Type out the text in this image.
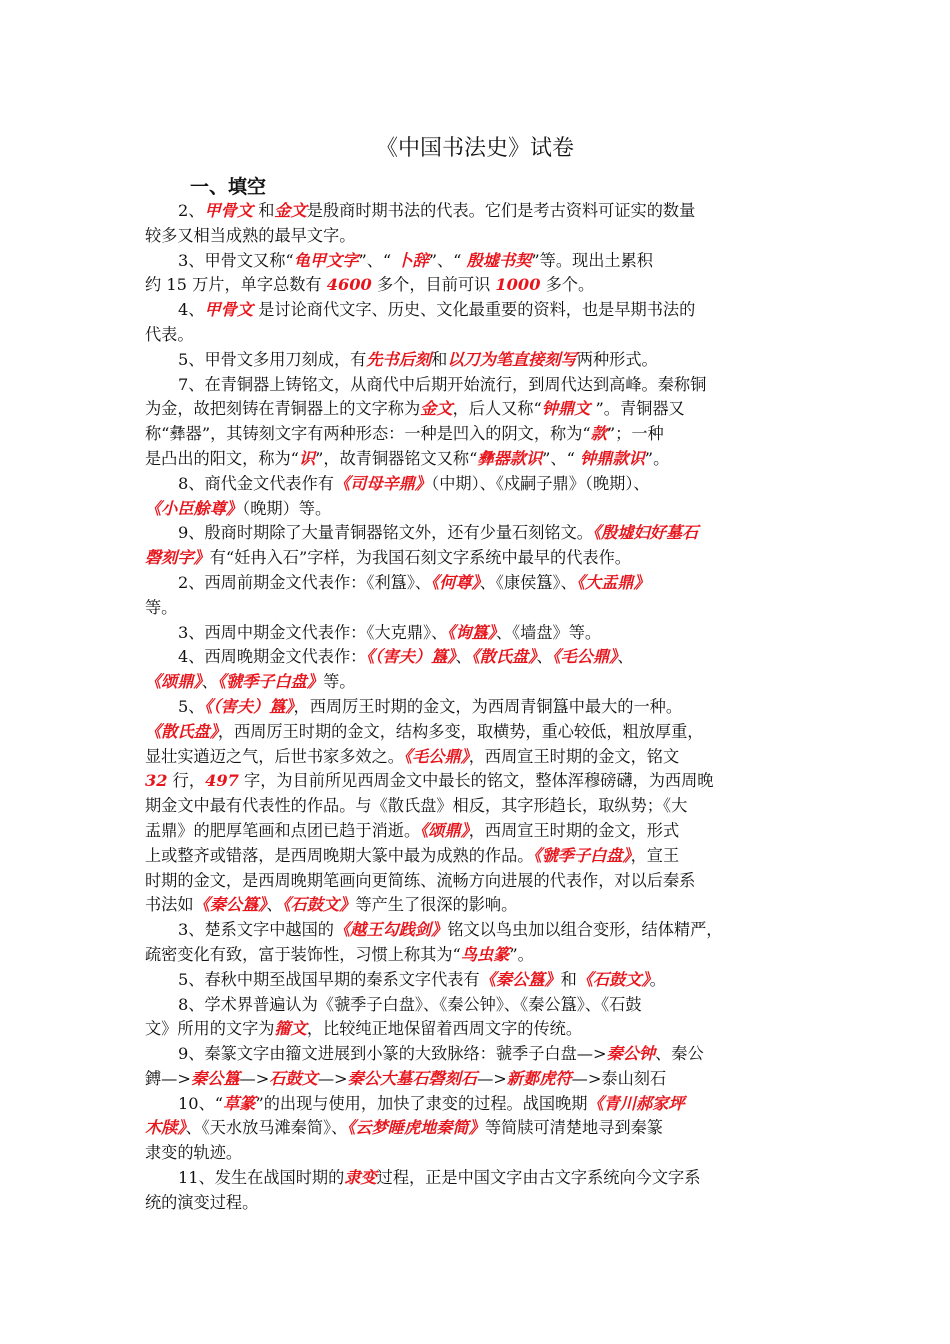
《中国书法史》试卷
一、填空
2、甲骨文 和金文是殷商时期书法的代表。它们是考古资料可证实的数量
较多又相当成熟的最早文字。
3、甲骨文又称“龟甲文字”、“ 卜辞”、“ 殷墟书契”等。现出土累积
约 15 万片，单字总数有 4600 多个，目前可识 1000 多个。
4、甲骨文 是讨论商代文字、历史、文化最重要的资料，也是早期书法的
代表。
5、甲骨文多用刀刻成，有先书后刻和以刀为笔直接刻写两种形式。
7、在青铜器上铸铭文，从商代中后期开始流行，到周代达到高峰。秦称铜
为金，故把刻铸在青铜器上的文字称为金文，后人又称“钟鼎文 ”。青铜器又
称“彝器”，其铸刻文字有两种形态：一种是凹入的阴文，称为“款”；一种
是凸出的阳文，称为“识”，故青铜器铭文又称“彝器款识”、“ 钟鼎款识”。
8、商代金文代表作有《司母辛鼎》（中期）、《戍嗣子鼎》（晚期）、
《小臣艅尊》（晚期）等。
9、殷商时期除了大量青铜器铭文外，还有少量石刻铭文。《殷墟妇好墓石
磬刻字》有“妊冉入石”字样，为我国石刻文字系统中最早的代表作。
2、西周前期金文代表作：《利簋》、《何尊》、《康侯簋》、《大盂鼎》
等。
3、西周中期金文代表作：《大克鼎》、《询簋》、《墙盘》等。
4、西周晚期金文代表作：《（害夫）簋》、《散氏盘》、《毛公鼎》、
《颂鼎》、《虢季子白盘》等。
5、《（害夫）簋》，西周厉王时期的金文，为西周青铜簋中最大的一种。
《散氏盘》，西周厉王时期的金文，结构多变，取横势，重心较低，粗放厚重，
显壮实遒迈之气，后世书家多效之。《毛公鼎》，西周宣王时期的金文，铭文
32 行，497 字，为目前所见西周金文中最长的铭文，整体浑穆磅礴，为西周晚
期金文中最有代表性的作品。与《散氏盘》相反，其字形趋长，取纵势；《大
盂鼎》的肥厚笔画和点团已趋于消逝。《颂鼎》，西周宣王时期的金文，形式
上或整齐或错落，是西周晚期大篆中最为成熟的作品。《虢季子白盘》，宣王
时期的金文，是西周晚期笔画向更简练、流畅方向进展的代表作，对以后秦系
书法如《秦公簋》、《石鼓文》等产生了很深的影响。
3、楚系文字中越国的《越王勾践剑》铭文以鸟虫加以组合变形，结体精严，
疏密变化有致，富于装饰性，习惯上称其为“鸟虫篆”。
5、春秋中期至战国早期的秦系文字代表有《秦公簋》和《石鼓文》。
8、学术界普遍认为《虢季子白盘》、《秦公钟》、《秦公簋》、《石鼓
文》所用的文字为籀文，比较纯正地保留着西周文字的传统。
9、秦篆文字由籀文进展到小篆的大致脉络：虢季子白盘—>秦公钟、秦公
鎛—>秦公簋—>石鼓文—>秦公大墓石磬刻石—>新郪虎符—>泰山刻石
10、“草篆”的出现与使用，加快了隶变的过程。战国晚期《青川郝家坪
木牍》、《天水放马滩秦简》、《云梦睡虎地秦简》等简牍可清楚地寻到秦篆
隶变的轨迹。
11、发生在战国时期的隶变过程，正是中国文字由古文字系统向今文字系
统的演变过程。
